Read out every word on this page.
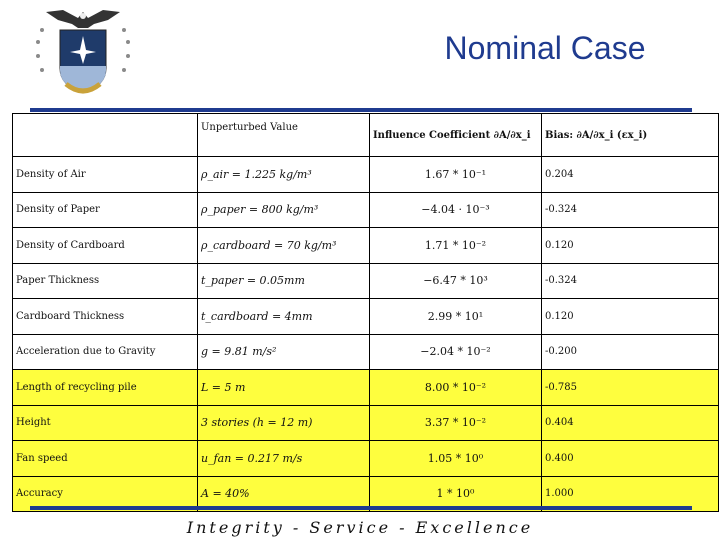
Nominal Case
	Unperturbed Value	Influence Coefficient ∂A/∂x_i	Bias: ∂A/∂x_i (εx_i)
Density of Air	ρ_air = 1.225 kg/m³	1.67 * 10⁻¹	0.204
Density of Paper	ρ_paper = 800 kg/m³	−4.04 · 10⁻³	-0.324
Density of Cardboard	ρ_cardboard = 70 kg/m³	1.71 * 10⁻²	0.120
Paper Thickness	t_paper = 0.05mm	−6.47 * 10³	-0.324
Cardboard Thickness	t_cardboard = 4mm	2.99 * 10¹	0.120
Acceleration due to Gravity	g = 9.81 m/s²	−2.04 * 10⁻²	-0.200
Length of recycling pile	L = 5 m	8.00 * 10⁻²	-0.785
Height	3 stories (h = 12 m)	3.37 * 10⁻²	0.404
Fan speed	u_fan = 0.217 m/s	1.05 * 10⁰	0.400
Accuracy	A = 40%	1 * 10⁰	1.000
Integrity - Service - Excellence
